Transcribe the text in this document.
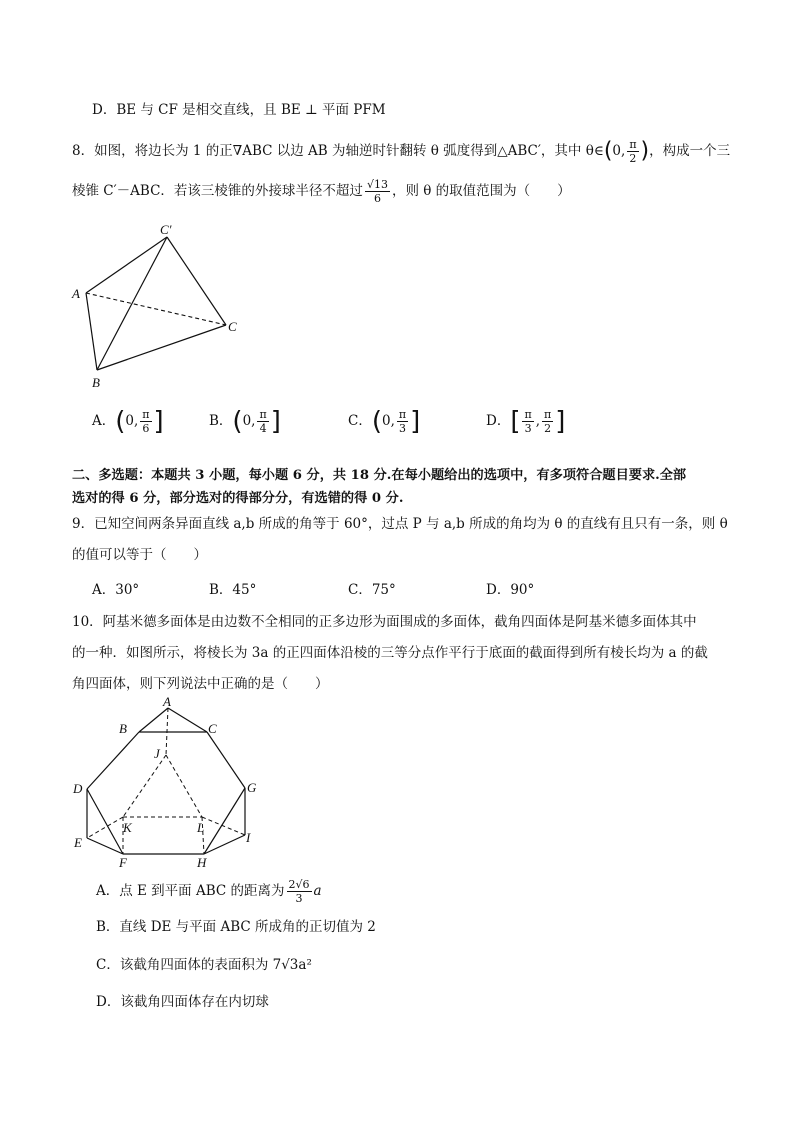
D．BE 与 CF 是相交直线，且 BE ⊥ 平面 PFM
8．如图，将边长为 1 的正∇ABC 以边 AB 为轴逆时针翻转 θ 弧度得到△ABC′，其中 θ∈(0, $\frac{\pi}{2}$ )，构成一个三
棱锥 C′－ABC．若该三棱锥的外接球半径不超过 $\frac{√13}{6}$ ，则 θ 的取值范围为（　　）
C′
A
C
B
A．(0, $\frac{\pi}{6}$ ]	B．(0, $\frac{\pi}{4}$ ]	C．(0, $\frac{\pi}{3}$ ]	D．[ $\frac{\pi}{3}$ , $\frac{\pi}{2}$ ]
二、多选题：本题共 3 小题，每小题 6 分，共 18 分.在每小题给出的选项中，有多项符合题目要求.全部
选对的得 6 分，部分选对的得部分分，有选错的得 0 分.
9．已知空间两条异面直线 a,b 所成的角等于 60°，过点 P 与 a,b 所成的角均为 θ 的直线有且只有一条，则 θ
的值可以等于（　　）
A．30°	B．45°	C．75°	D．90°
10．阿基米德多面体是由边数不全相同的正多边形为面围成的多面体，截角四面体是阿基米德多面体其中
的一种．如图所示，将棱长为 3a 的正四面体沿棱的三等分点作平行于底面的截面得到所有棱长均为 a 的截
角四面体，则下列说法中正确的是（　　）
A
B	C
J
D	G
K	L
E	I
F	H
A．点 E 到平面 ABC 的距离为 $\frac{2√6}{3}$ a
B．直线 DE 与平面 ABC 所成角的正切值为 2
C．该截角四面体的表面积为 7√3a²
D．该截角四面体存在内切球
